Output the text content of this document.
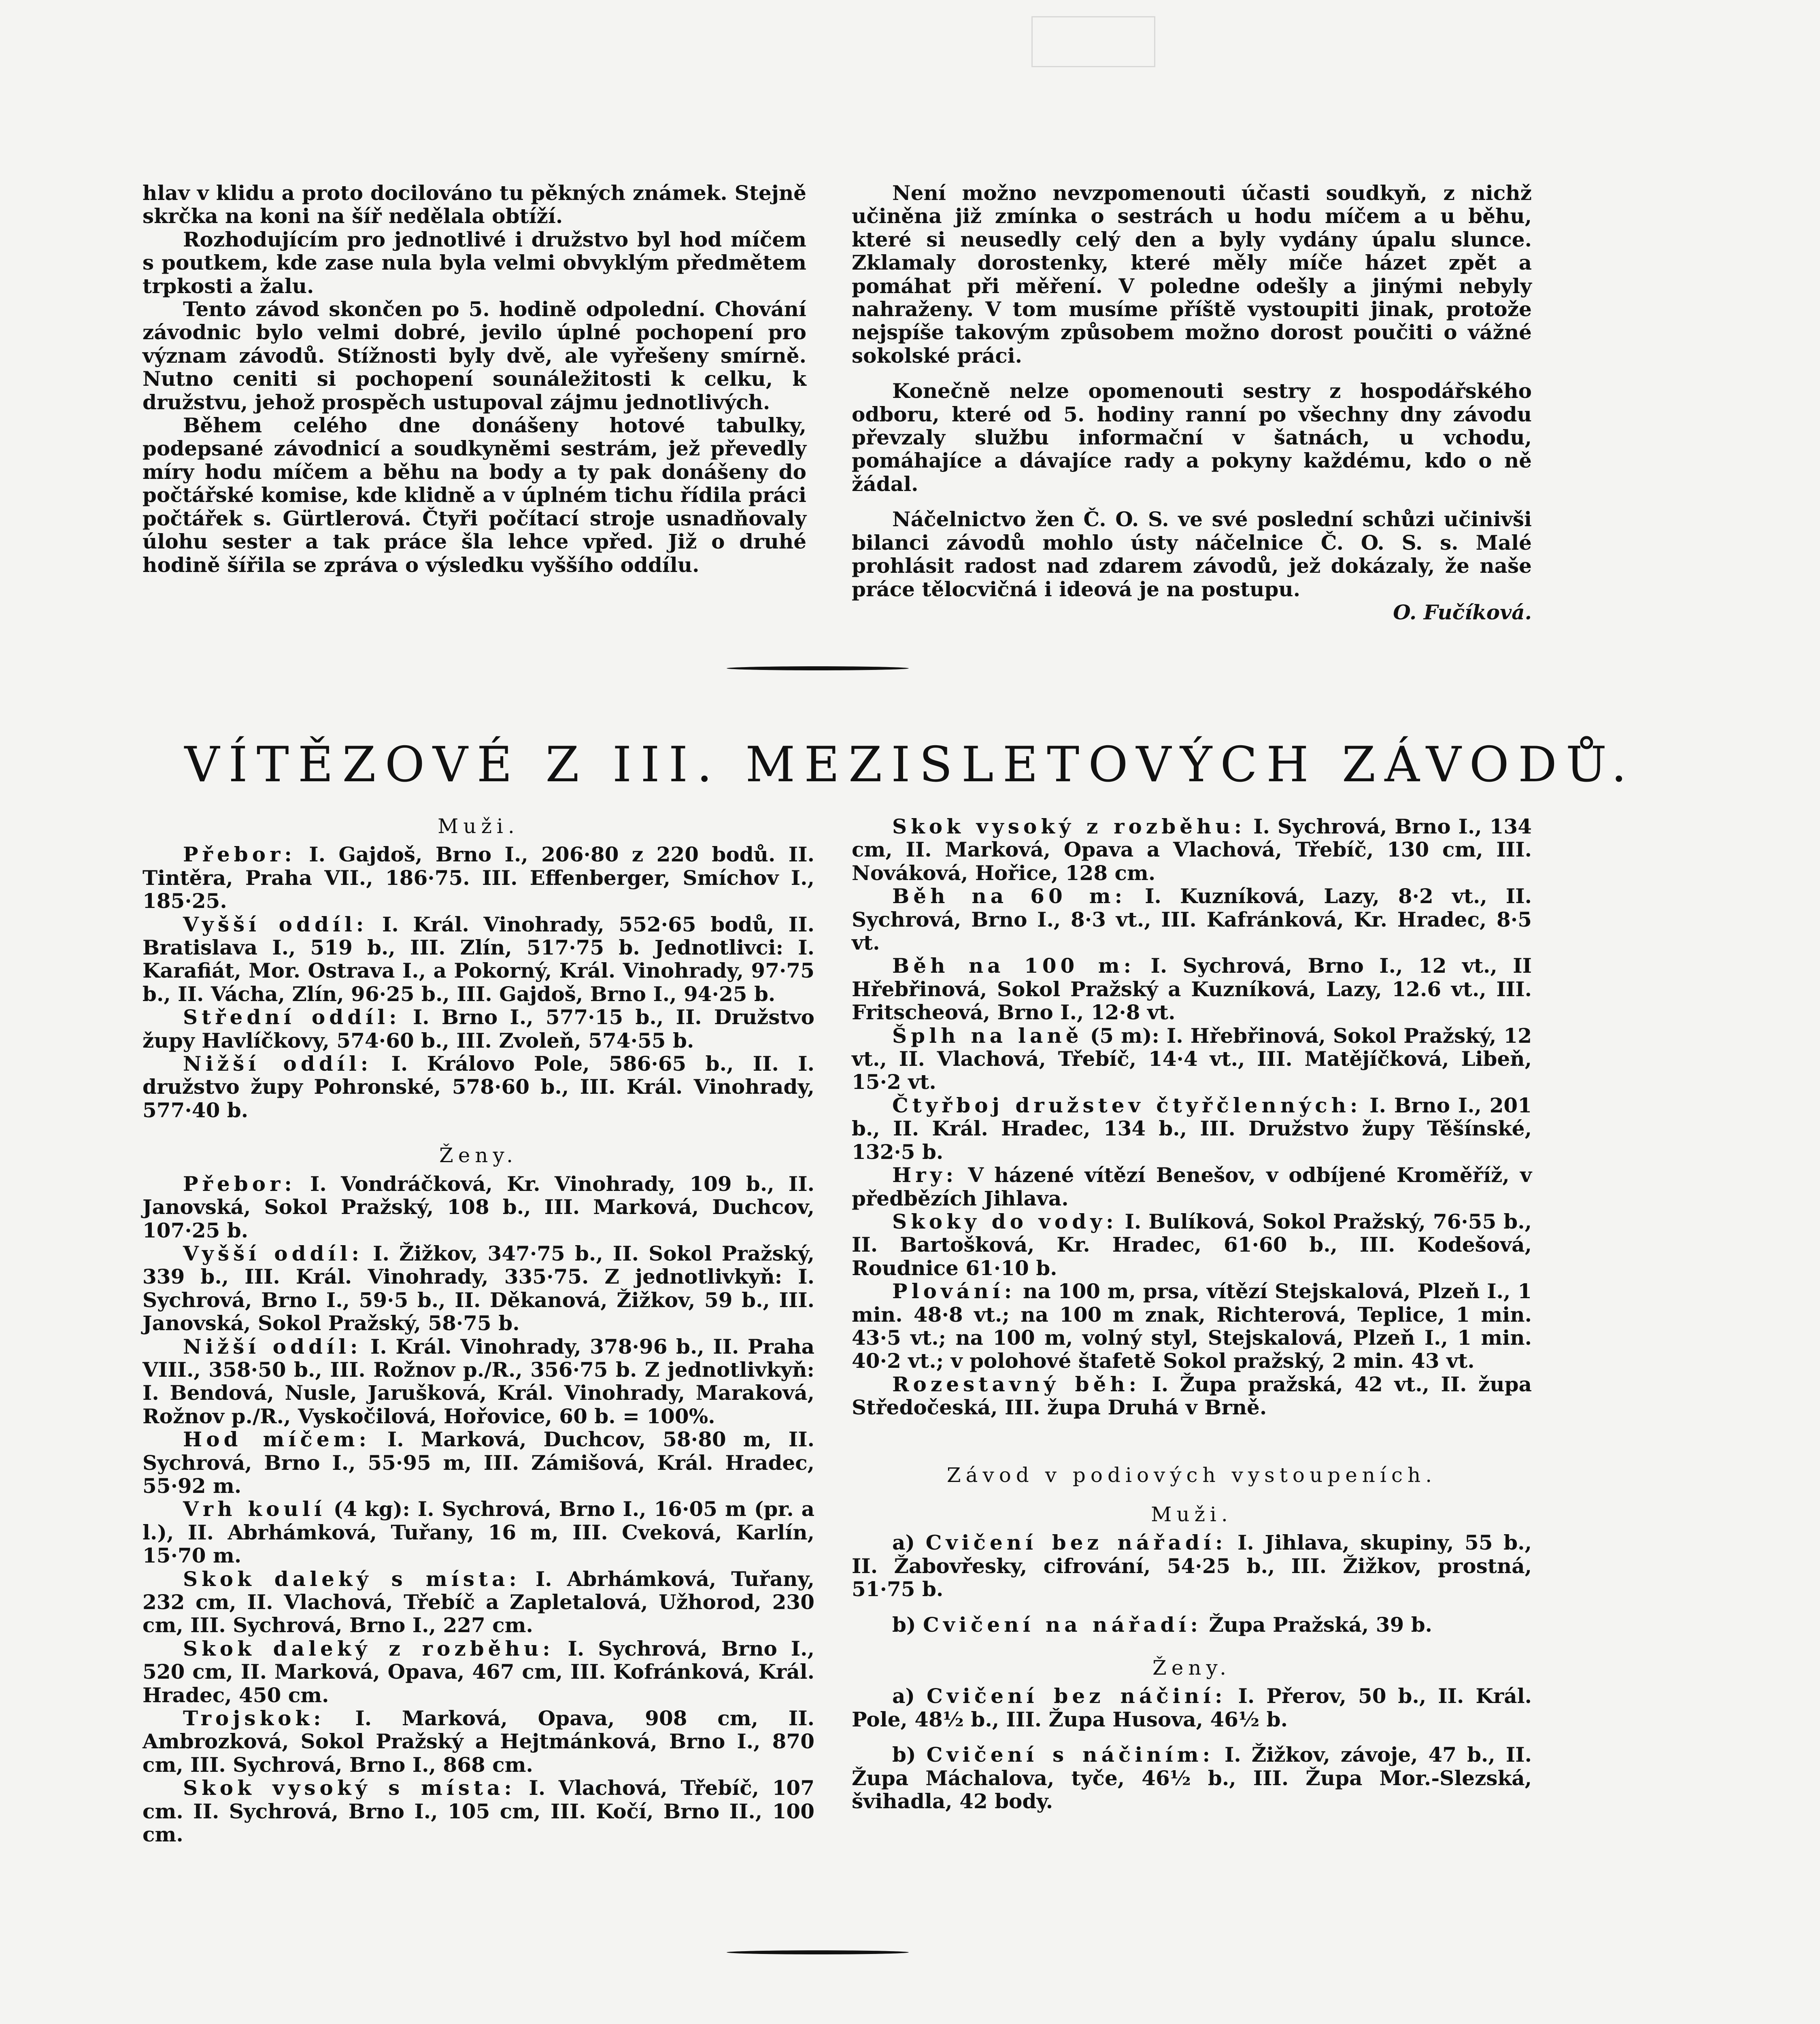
hlav v klidu a proto docilováno tu pěkných známek. Stejně skrčka na koni na šíř nedělala obtíží.

Rozhodujícím pro jednotlivé i družstvo byl hod míčem s poutkem, kde zase nula byla velmi obvyklým předmětem trpkosti a žalu.

Tento závod skončen po 5. hodině odpolední. Chování závodnic bylo velmi dobré, jevilo úplné pochopení pro význam závodů. Stížnosti byly dvě, ale vyřešeny smírně. Nutno ceniti si pochopení sounáležitosti k celku, k družstvu, jehož prospěch ustupoval zájmu jednotlivých.

Během celého dne donášeny hotové tabulky, podepsané závodnicí a soudkyněmi sestrám, jež převedly míry hodu míčem a běhu na body a ty pak donášeny do počtářské komise, kde klidně a v úplném tichu řídila práci počtářek s. Gürtlerová. Čtyři počítací stroje usnadňovaly úlohu sester a tak práce šla lehce vpřed. Již o druhé hodině šířila se zpráva o výsledku vyššího oddílu.

Není možno nevzpomenouti účasti soudkyň, z nichž učiněna již zmínka o sestrách u hodu míčem a u běhu, které si neusedly celý den a byly vydány úpalu slunce. Zklamaly dorostenky, které měly míče házet zpět a pomáhat při měření. V poledne odešly a jinými nebyly nahraženy. V tom musíme příště vystoupiti jinak, protože nejspíše takovým způsobem možno dorost poučiti o vážné sokolské práci.

Konečně nelze opomenouti sestry z hospodářského odboru, které od 5. hodiny ranní po všechny dny závodu převzaly službu informační v šatnách, u vchodu, pomáhajíce a dávajíce rady a pokyny každému, kdo o ně žádal.

Náčelnictvo žen Č. O. S. ve své poslední schůzi učinivši bilanci závodů mohlo ústy náčelnice Č. O. S. s. Malé prohlásit radost nad zdarem závodů, jež dokázaly, že naše práce tělocvičná i ideová je na postupu.

O. Fučíková.
VÍTĚZOVÉ Z III. MEZISLETOVÝCH ZÁVODŮ.
Muži.

Přebor: I. Gajdoš, Brno I., 206·80 z 220 bodů. II. Tintěra, Praha VII., 186·75. III. Effenberger, Smíchov I., 185·25.

Vyšší oddíl: I. Král. Vinohrady, 552·65 bodů, II. Bratislava I., 519 b., III. Zlín, 517·75 b. Jednotlivci: I. Karafiát, Mor. Ostrava I., a Pokorný, Král. Vinohrady, 97·75 b., II. Vácha, Zlín, 96·25 b., III. Gajdoš, Brno I., 94·25 b.

Střední oddíl: I. Brno I., 577·15 b., II. Družstvo župy Havlíčkovy, 574·60 b., III. Zvoleň, 574·55 b.

Nižší oddíl: I. Královo Pole, 586·65 b., II. I. družstvo župy Pohronské, 578·60 b., III. Král. Vinohrady, 577·40 b.

Ženy.

Přebor: I. Vondráčková, Kr. Vinohrady, 109 b., II. Janovská, Sokol Pražský, 108 b., III. Marková, Duchcov, 107·25 b.

Vyšší oddíl: I. Žižkov, 347·75 b., II. Sokol Pražský, 339 b., III. Král. Vinohrady, 335·75. Z jednotlivkyň: I. Sychrová, Brno I., 59·5 b., II. Děkanová, Žižkov, 59 b., III. Janovská, Sokol Pražský, 58·75 b.

Nižší oddíl: I. Král. Vinohrady, 378·96 b., II. Praha VIII., 358·50 b., III. Rožnov p./R., 356·75 b. Z jednotlivkyň: I. Bendová, Nusle, Jarušková, Král. Vinohrady, Maraková, Rožnov p./R., Vyskočilová, Hořovice, 60 b. = 100%.

Hod míčem: I. Marková, Duchcov, 58·80 m, II. Sychrová, Brno I., 55·95 m, III. Zámišová, Král. Hradec, 55·92 m.

Vrh koulí (4 kg): I. Sychrová, Brno I., 16·05 m (pr. a l.), II. Abrhámková, Tuřany, 16 m, III. Cveková, Karlín, 15·70 m.

Skok daleký s místa: I. Abrhámková, Tuřany, 232 cm, II. Vlachová, Třebíč a Zapletalová, Užhorod, 230 cm, III. Sychrová, Brno I., 227 cm.

Skok daleký z rozběhu: I. Sychrová, Brno I., 520 cm, II. Marková, Opava, 467 cm, III. Kofránková, Král. Hradec, 450 cm.

Trojskok: I. Marková, Opava, 908 cm, II. Ambrozková, Sokol Pražský a Hejtmánková, Brno I., 870 cm, III. Sychrová, Brno I., 868 cm.

Skok vysoký s místa: I. Vlachová, Třebíč, 107 cm. II. Sychrová, Brno I., 105 cm, III. Kočí, Brno II., 100 cm.

Skok vysoký z rozběhu: I. Sychrová, Brno I., 134 cm, II. Marková, Opava a Vlachová, Třebíč, 130 cm, III. Nováková, Hořice, 128 cm.

Běh na 60 m: I. Kuzníková, Lazy, 8·2 vt., II. Sychrová, Brno I., 8·3 vt., III. Kafránková, Kr. Hradec, 8·5 vt.

Běh na 100 m: I. Sychrová, Brno I., 12 vt., II Hřebřinová, Sokol Pražský a Kuzníková, Lazy, 12.6 vt., III. Fritscheová, Brno I., 12·8 vt.

Šplh na laně (5 m): I. Hřebřinová, Sokol Pražský, 12 vt., II. Vlachová, Třebíč, 14·4 vt., III. Matějíčková, Libeň, 15·2 vt.

Čtyřboj družstev čtyřčlenných: I. Brno I., 201 b., II. Král. Hradec, 134 b., III. Družstvo župy Těšínské, 132·5 b.

Hry: V házené vítězí Benešov, v odbíjené Kroměříž, v předbězích Jihlava.

Skoky do vody: I. Bulíková, Sokol Pražský, 76·55 b., II. Bartošková, Kr. Hradec, 61·60 b., III. Kodešová, Roudnice 61·10 b.

Plování: na 100 m, prsa, vítězí Stejskalová, Plzeň I., 1 min. 48·8 vt.; na 100 m znak, Richterová, Teplice, 1 min. 43·5 vt.; na 100 m, volný styl, Stejskalová, Plzeň I., 1 min. 40·2 vt.; v polohové štafetě Sokol pražský, 2 min. 43 vt.

Rozestavný běh: I. Župa pražská, 42 vt., II. župa Středočeská, III. župa Druhá v Brně.

Závod v podiových vystoupeních.
Muži.

a) Cvičení bez nářadí: I. Jihlava, skupiny, 55 b., II. Žabovřesky, cifrování, 54·25 b., III. Žižkov, prostná, 51·75 b.

b) Cvičení na nářadí: Župa Pražská, 39 b.

Ženy.

a) Cvičení bez náčiní: I. Přerov, 50 b., II. Král. Pole, 48½ b., III. Župa Husova, 46½ b.

b) Cvičení s náčiním: I. Žižkov, závoje, 47 b., II. Župa Máchalova, tyče, 46½ b., III. Župa Mor.-Slezská, švihadla, 42 body.
